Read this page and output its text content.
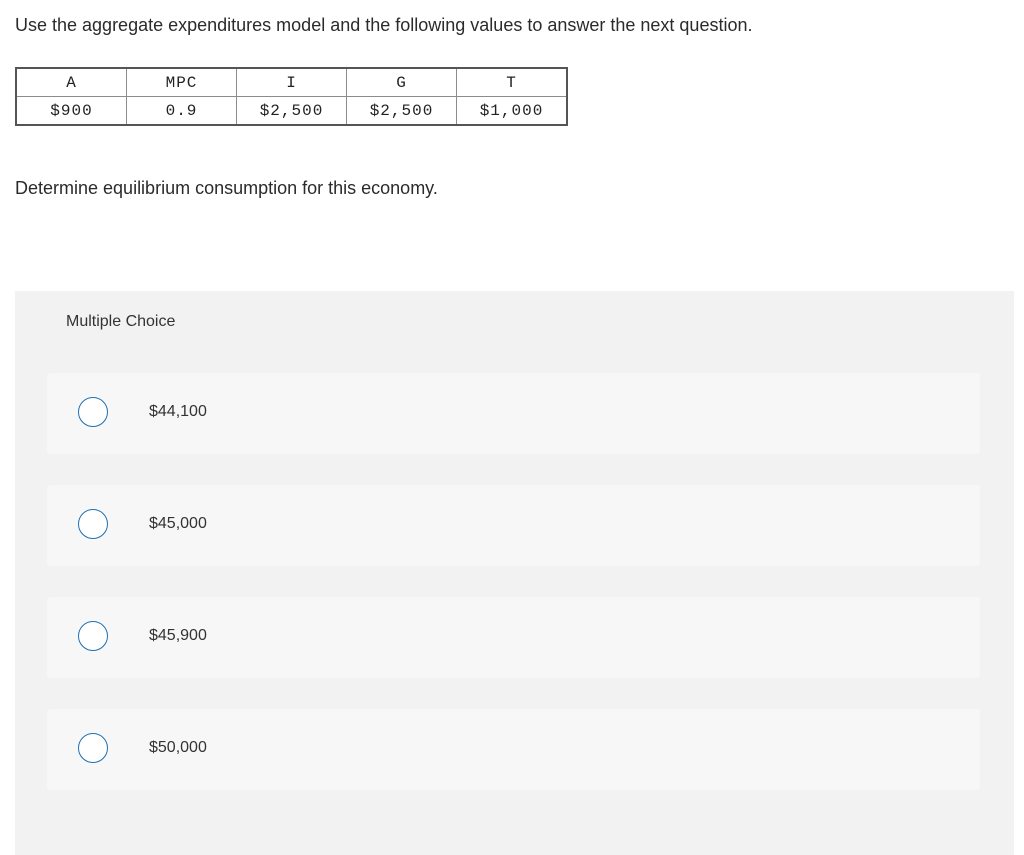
Use the aggregate expenditures model and the following values to answer the next question.
A	MPC	I	G	T
$900	0.9	$2,500	$2,500	$1,000
Determine equilibrium consumption for this economy.
Multiple Choice
$44,100
$45,000
$45,900
$50,000
